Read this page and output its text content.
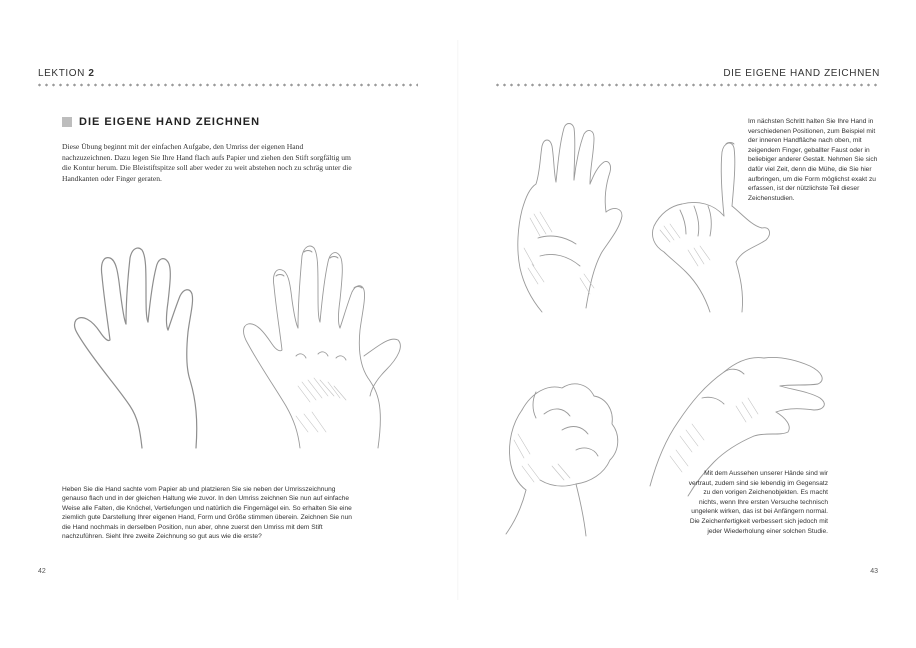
LEKTION 2
DIE EIGENE HAND ZEICHNEN
Diese Übung beginnt mit der einfachen Aufgabe, den Umriss der eigenen Hand nachzuzeichnen. Dazu legen Sie Ihre Hand flach aufs Papier und ziehen den Stift sorgfältig um die Kontur herum. Die Bleistiftspitze soll aber weder zu weit abstehen noch zu schräg unter die Handkanten oder Finger geraten.
Heben Sie die Hand sachte vom Papier ab und platzieren Sie sie neben der Umrisszeichnung genauso flach und in der gleichen Haltung wie zuvor. In den Umriss zeichnen Sie nun auf einfache Weise alle Falten, die Knöchel, Vertiefungen und natürlich die Fingernägel ein. So erhalten Sie eine ziemlich gute Darstellung Ihrer eigenen Hand, Form und Größe stimmen überein. Zeichnen Sie nun die Hand nochmals in derselben Position, nun aber, ohne zuerst den Umriss mit dem Stift nachzuführen. Sieht Ihre zweite Zeichnung so gut aus wie die erste?
42
DIE EIGENE HAND ZEICHNEN
43
Im nächsten Schritt halten Sie Ihre Hand in verschiedenen Positionen, zum Beispiel mit der inneren Handfläche nach oben, mit zeigendem Finger, geballter Faust oder in beliebiger anderer Gestalt. Nehmen Sie sich dafür viel Zeit, denn die Mühe, die Sie hier aufbringen, um die Form möglichst exakt zu erfassen, ist der nützlichste Teil dieser Zeichenstudien.
Mit dem Aussehen unserer Hände sind wir vertraut, zudem sind sie lebendig im Gegensatz zu den vorigen Zeichenobjekten. Es macht nichts, wenn Ihre ersten Versuche technisch ungelenk wirken, das ist bei Anfängern normal. Die Zeichenfertigkeit verbessert sich jedoch mit jeder Wiederholung einer solchen Studie.
